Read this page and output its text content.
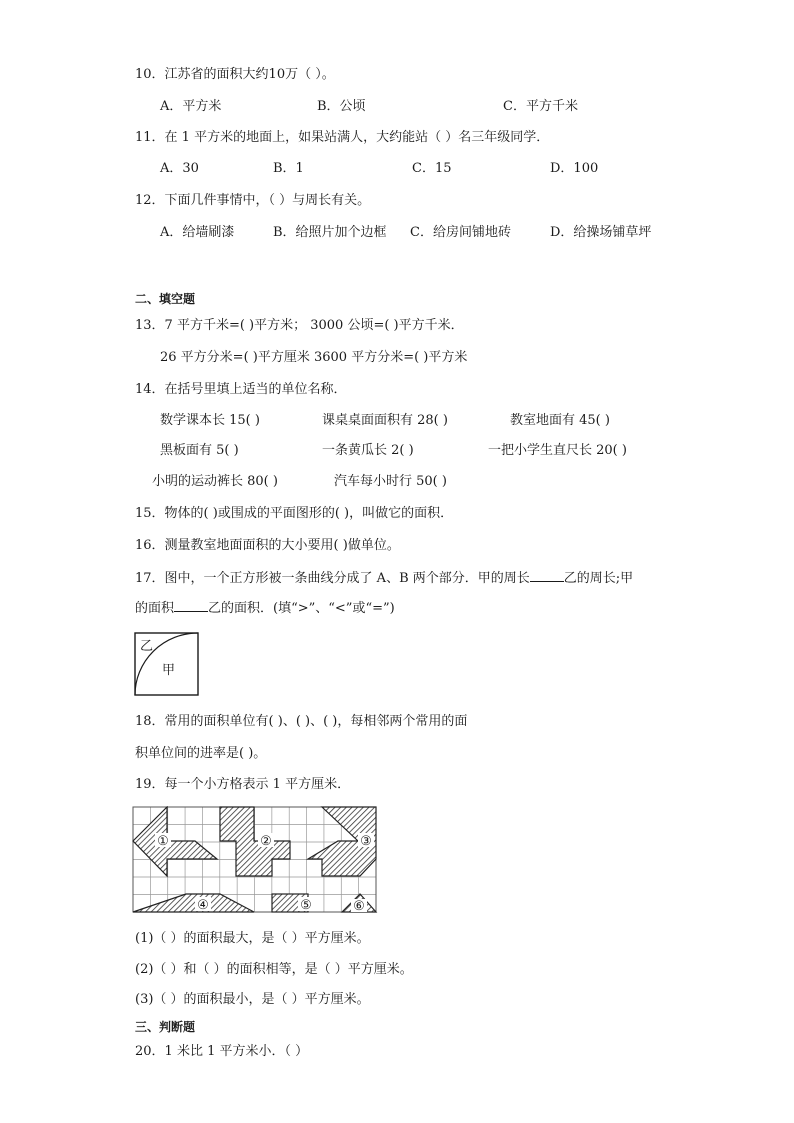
10．江苏省的面积大约10万（ ）。
A．平方米	B．公顷	C．平方千米
11．在 1 平方米的地面上，如果站满人，大约能站（ ）名三年级同学．
A．30	B．1	C．15	D．100
12．下面几件事情中，（ ）与周长有关。
A．给墙刷漆	B．给照片加个边框 C．给房间铺地砖	D．给操场铺草坪
二、填空题
13．7 平方千米=( )平方米； 3000 公顷=( )平方千米．
26 平方分米=( )平方厘米 3600 平方分米=( )平方米
14．在括号里填上适当的单位名称．
数学课本长 15( )	课桌桌面面积有 28( )	教室地面有 45( )
黑板面有 5( )	一条黄瓜长 2( )	一把小学生直尺长 20( )
小明的运动裤长 80( )	汽车每小时行 50( )
15．物体的( )或围成的平面图形的( )，叫做它的面积．
16．测量教室地面面积的大小要用( )做单位。
17．图中，一个正方形被一条曲线分成了 A、B 两个部分．甲的周长	乙的周长;甲
的面积	乙的面积．(填“>”、“<”或“=”)
乙
甲
18．常用的面积单位有( )、( )、( )，每相邻两个常用的面
积单位间的进率是( )。
19．每一个小方格表示 1 平方厘米．
①	②	③
④	⑤	⑥
(1)（ ）的面积最大，是（ ）平方厘米。
(2)（ ）和（ ）的面积相等，是（ ）平方厘米。
(3)（ ）的面积最小，是（ ）平方厘米。
三、判断题
20．1 米比 1 平方米小．（ ）
